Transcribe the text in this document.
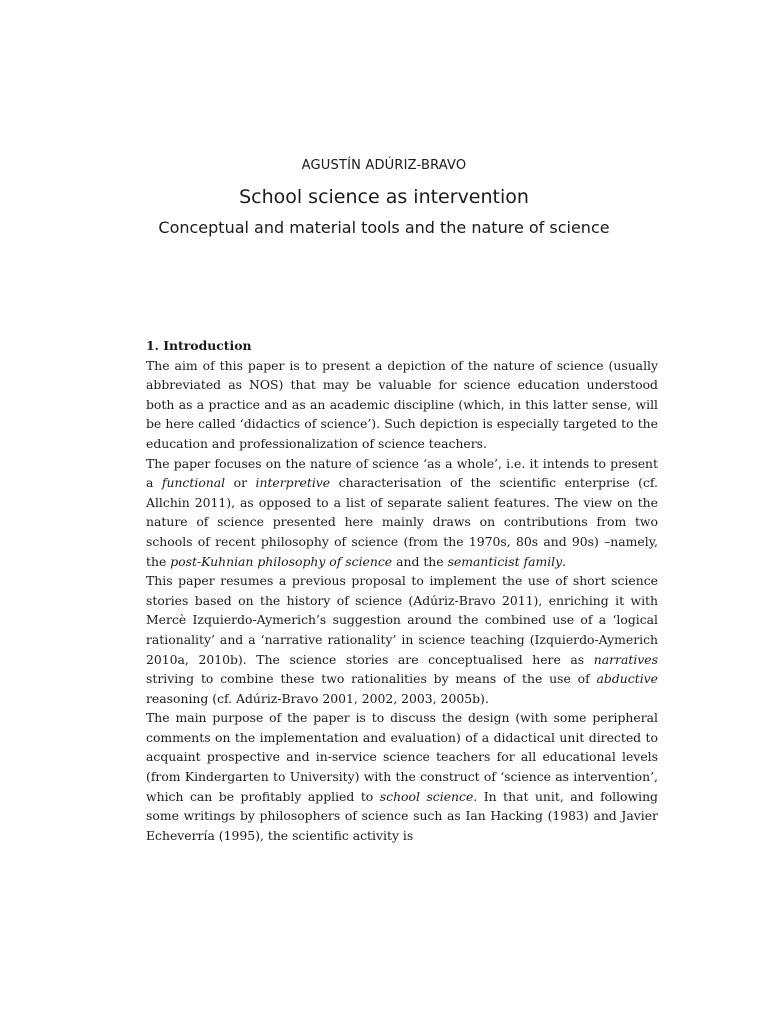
AGUSTÍN ADÚRIZ-BRAVO
School science as intervention
Conceptual and material tools and the nature of science

1. Introduction

The aim of this paper is to present a depiction of the nature of science (usually abbreviated as NOS) that may be valuable for science education understood both as a practice and as an academic discipline (which, in this latter sense, will be here called ‘didactics of science’). Such depiction is especially targeted to the education and professionalization of science teachers.

The paper focuses on the nature of science ‘as a whole’, i.e. it intends to present a functional or interpretive characterisation of the scientific enterprise (cf. Allchin 2011), as opposed to a list of separate salient features. The view on the nature of science presented here mainly draws on contributions from two schools of recent philosophy of science (from the 1970s, 80s and 90s) –namely, the post-Kuhnian philosophy of science and the semanticist family.

This paper resumes a previous proposal to implement the use of short science stories based on the history of science (Adúriz-Bravo 2011), enriching it with Mercè Izquierdo-Aymerich’s suggestion around the combined use of a ‘logical rationality’ and a ‘narrative rationality’ in science teaching (Izquierdo-Aymerich 2010a, 2010b). The science stories are conceptualised here as narratives striving to combine these two rationalities by means of the use of abductive reasoning (cf. Adúriz-Bravo 2001, 2002, 2003, 2005b).

The main purpose of the paper is to discuss the design (with some peripheral comments on the implementation and evaluation) of a didactical unit directed to acquaint prospective and in-service science teachers for all educational levels (from Kindergarten to University) with the construct of ‘science as intervention’, which can be profitably applied to school science. In that unit, and following some writings by philosophers of science such as Ian Hacking (1983) and Javier Echeverría (1995), the scientific activity is
